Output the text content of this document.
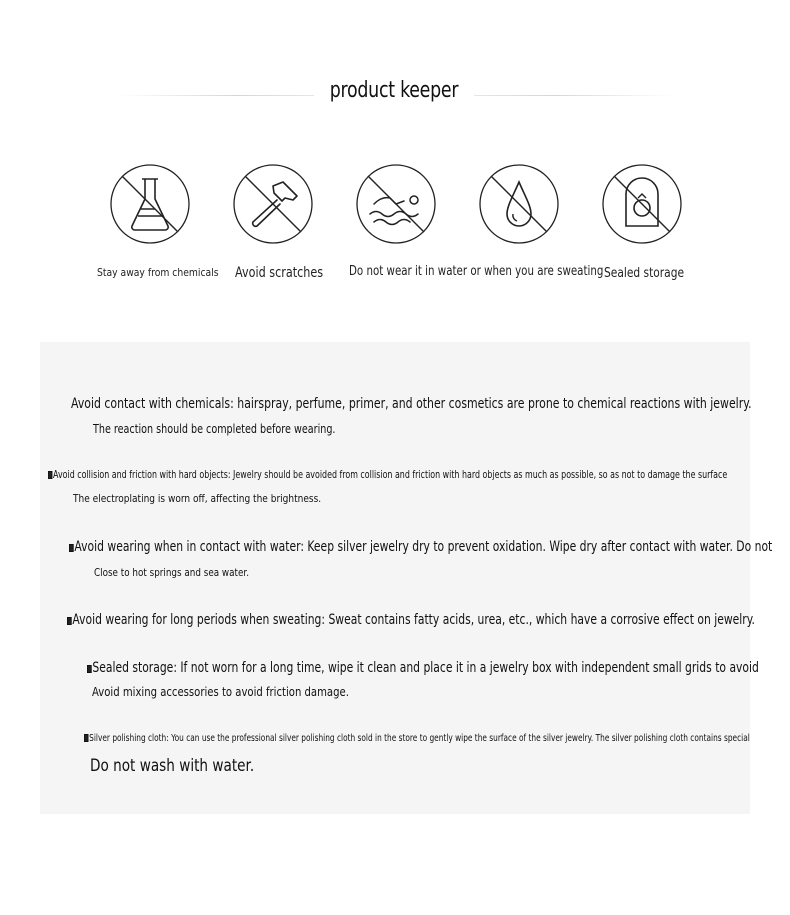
product keeper
Stay away from chemicals Avoid scratches Do not wear it in water or when you are sweating Sealed storage
Avoid contact with chemicals: hairspray, perfume, primer, and other cosmetics are prone to chemical reactions with jewelry.
The reaction should be completed before wearing.
Avoid collision and friction with hard objects: Jewelry should be avoided from collision and friction with hard objects as much as possible, so as not to damage the surface
The electroplating is worn off, affecting the brightness.
Avoid wearing when in contact with water: Keep silver jewelry dry to prevent oxidation. Wipe dry after contact with water. Do not
Close to hot springs and sea water.
Avoid wearing for long periods when sweating: Sweat contains fatty acids, urea, etc., which have a corrosive effect on jewelry.
Sealed storage: If not worn for a long time, wipe it clean and place it in a jewelry box with independent small grids to avoid
Avoid mixing accessories to avoid friction damage.
Silver polishing cloth: You can use the professional silver polishing cloth sold in the store to gently wipe the surface of the silver jewelry. The silver polishing cloth contains special
Do not wash with water.
